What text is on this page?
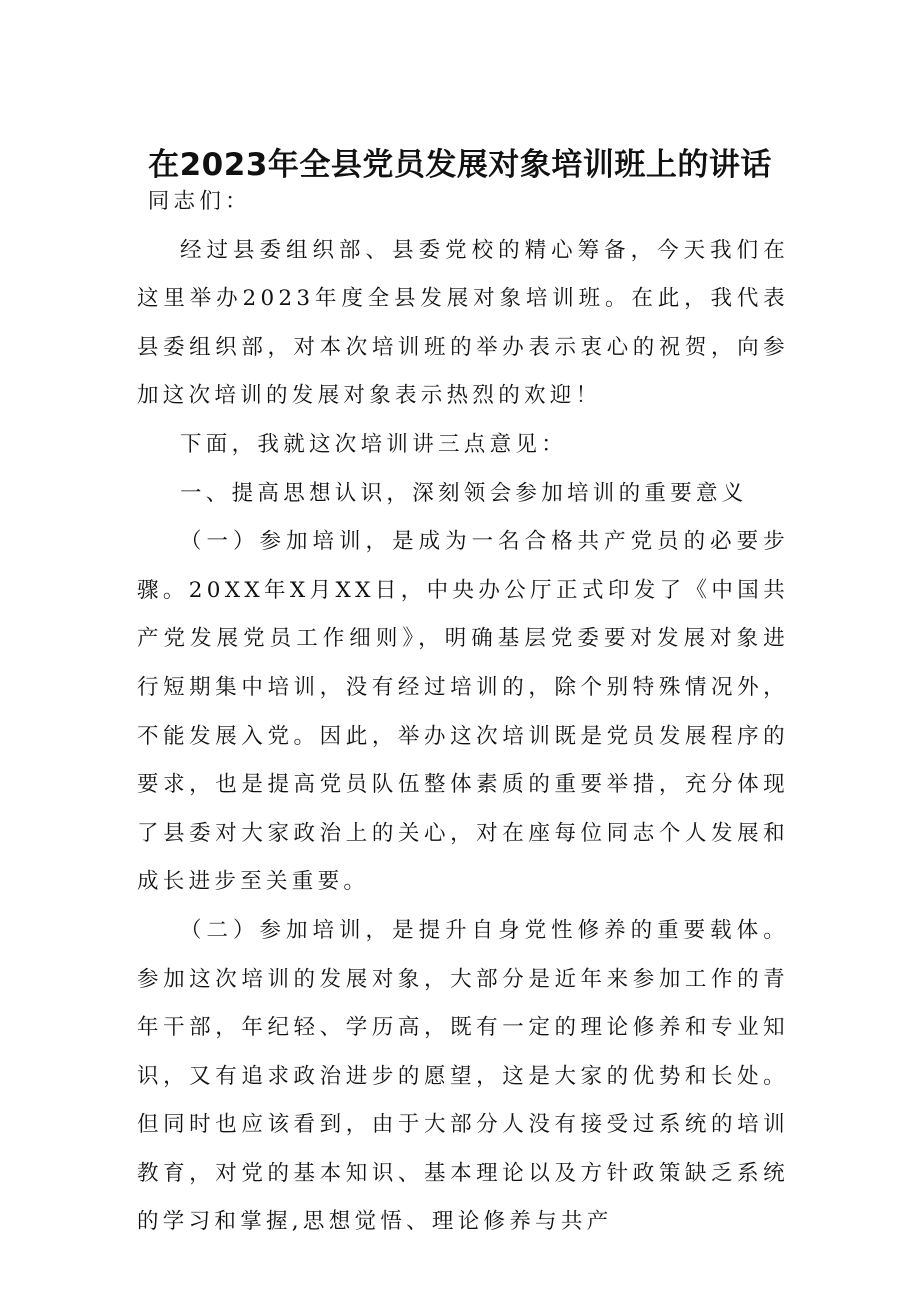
在2023年全县党员发展对象培训班上的讲话

同志们：

经过县委组织部、县委党校的精心筹备，今天我们在这里举办2023年度全县发展对象培训班。在此，我代表县委组织部，对本次培训班的举办表示衷心的祝贺，向参加这次培训的发展对象表示热烈的欢迎！

下面，我就这次培训讲三点意见：

一、提高思想认识，深刻领会参加培训的重要意义

（一）参加培训，是成为一名合格共产党员的必要步骤。20XX年X月XX日，中央办公厅正式印发了《中国共产党发展党员工作细则》，明确基层党委要对发展对象进行短期集中培训，没有经过培训的，除个别特殊情况外，不能发展入党。因此，举办这次培训既是党员发展程序的要求，也是提高党员队伍整体素质的重要举措，充分体现了县委对大家政治上的关心，对在座每位同志个人发展和成长进步至关重要。

（二）参加培训，是提升自身党性修养的重要载体。参加这次培训的发展对象，大部分是近年来参加工作的青年干部，年纪轻、学历高，既有一定的理论修养和专业知识，又有追求政治进步的愿望，这是大家的优势和长处。但同时也应该看到，由于大部分人没有接受过系统的培训教育，对党的基本知识、基本理论以及方针政策缺乏系统的学习和掌握,思想觉悟、理论修养与共产
